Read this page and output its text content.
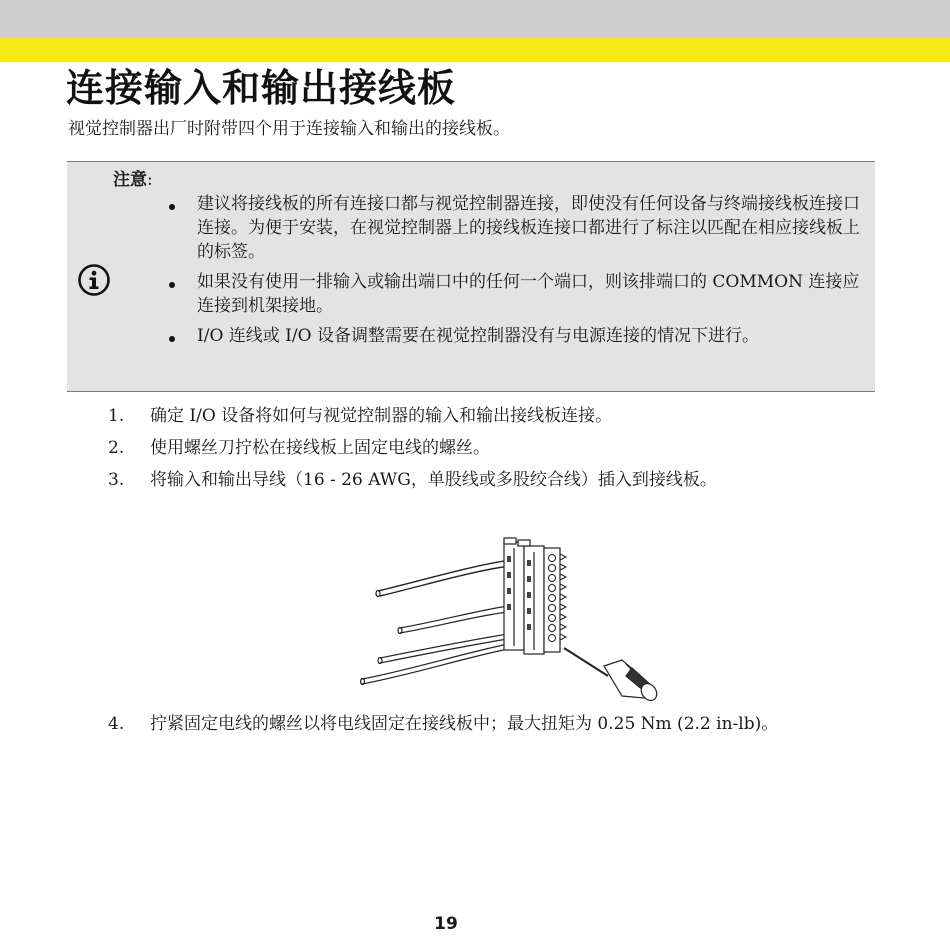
连接输入和输出接线板
视觉控制器出厂时附带四个用于连接输入和输出的接线板。
注意:
建议将接线板的所有连接口都与视觉控制器连接，即使没有任何设备与终端接线板连接口连接。为便于安装，在视觉控制器上的接线板连接口都进行了标注以匹配在相应接线板上的标签。
如果没有使用一排输入或输出端口中的任何一个端口，则该排端口的 COMMON 连接应连接到机架接地。
I/O 连线或 I/O 设备调整需要在视觉控制器没有与电源连接的情况下进行。
1. 确定 I/O 设备将如何与视觉控制器的输入和输出接线板连接。
2. 使用螺丝刀拧松在接线板上固定电线的螺丝。
3. 将输入和输出导线（16 - 26 AWG，单股线或多股绞合线）插入到接线板。
4. 拧紧固定电线的螺丝以将电线固定在接线板中；最大扭矩为 0.25 Nm (2.2 in-lb)。
19
